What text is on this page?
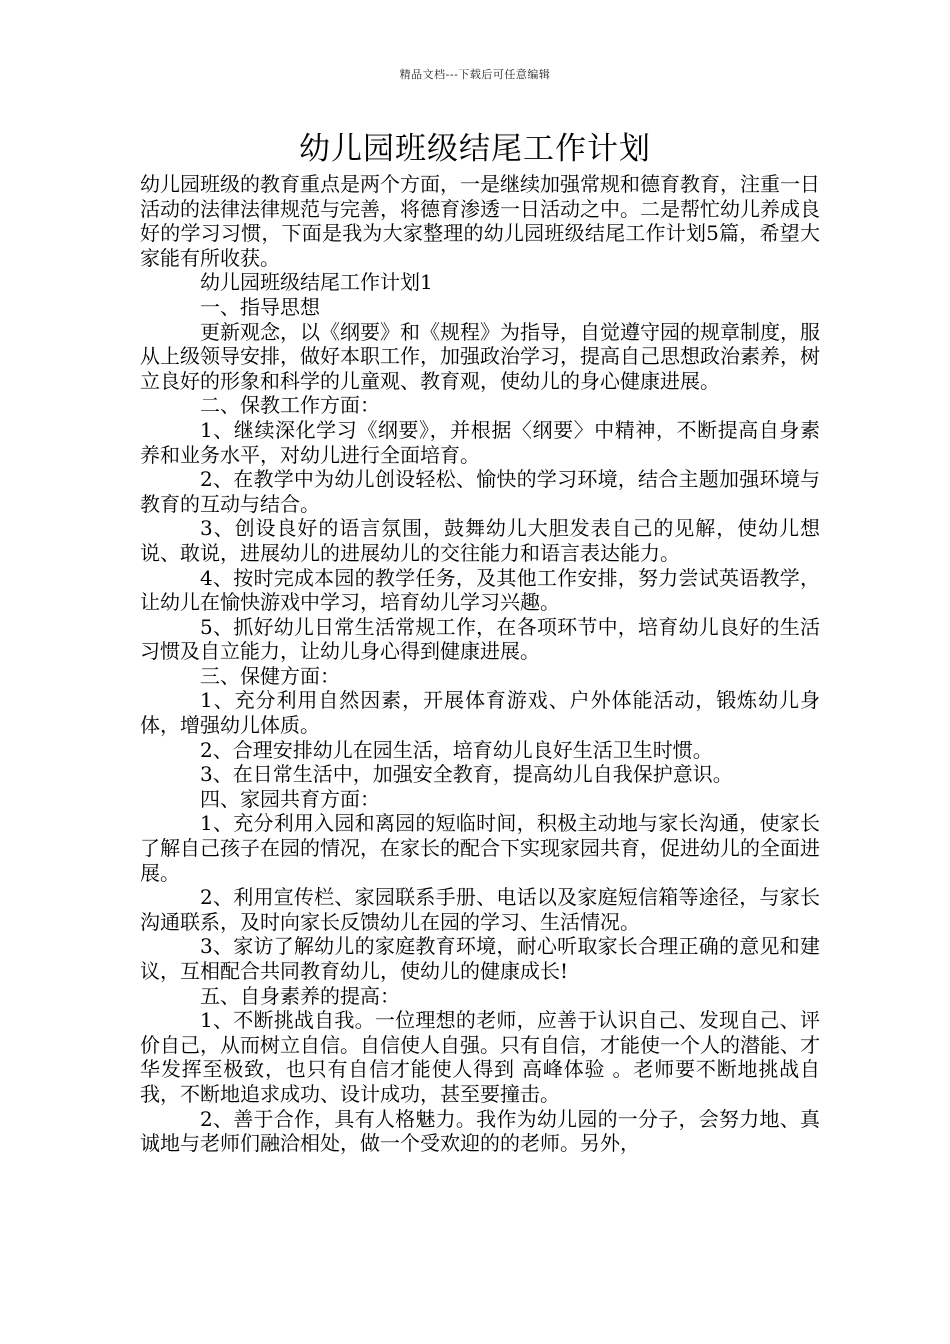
精品文档---下载后可任意编辑
幼儿园班级结尾工作计划

幼儿园班级的教育重点是两个方面，一是继续加强常规和德育教育，注重一日活动的法律法律规范与完善，将德育渗透一日活动之中。二是帮忙幼儿养成良好的学习习惯，下面是我为大家整理的幼儿园班级结尾工作计划5篇，希望大家能有所收获。

幼儿园班级结尾工作计划1

一、指导思想

更新观念，以《纲要》和《规程》为指导，自觉遵守园的规章制度，服从上级领导安排，做好本职工作，加强政治学习，提高自己思想政治素养，树立良好的形象和科学的儿童观、教育观，使幼儿的身心健康进展。

二、保教工作方面：

1、继续深化学习《纲要》，并根据〈纲要〉中精神，不断提高自身素养和业务水平，对幼儿进行全面培育。

2、在教学中为幼儿创设轻松、愉快的学习环境，结合主题加强环境与教育的互动与结合。

3、创设良好的语言氛围，鼓舞幼儿大胆发表自己的见解，使幼儿想说、敢说，进展幼儿的进展幼儿的交往能力和语言表达能力。

4、按时完成本园的教学任务，及其他工作安排，努力尝试英语教学，让幼儿在愉快游戏中学习，培育幼儿学习兴趣。

5、抓好幼儿日常生活常规工作，在各项环节中，培育幼儿良好的生活习惯及自立能力，让幼儿身心得到健康进展。

三、保健方面：

1、充分利用自然因素，开展体育游戏、户外体能活动，锻炼幼儿身体，增强幼儿体质。

2、合理安排幼儿在园生活，培育幼儿良好生活卫生时惯。

3、在日常生活中，加强安全教育，提高幼儿自我保护意识。

四、家园共育方面：

1、充分利用入园和离园的短临时间，积极主动地与家长沟通，使家长了解自己孩子在园的情况，在家长的配合下实现家园共育，促进幼儿的全面进展。

2、利用宣传栏、家园联系手册、电话以及家庭短信箱等途径，与家长沟通联系，及时向家长反馈幼儿在园的学习、生活情况。

3、家访了解幼儿的家庭教育环境，耐心听取家长合理正确的意见和建议，互相配合共同教育幼儿，使幼儿的健康成长!

五、自身素养的提高：

1、不断挑战自我。一位理想的老师，应善于认识自己、发现自己、评价自己，从而树立自信。自信使人自强。只有自信，才能使一个人的潜能、才华发挥至极致，也只有自信才能使人得到 高峰体验 。老师要不断地挑战自我，不断地追求成功、设计成功，甚至要撞击。

2、善于合作，具有人格魅力。我作为幼儿园的一分子，会努力地、真诚地与老师们融洽相处，做一个受欢迎的的老师。另外，
